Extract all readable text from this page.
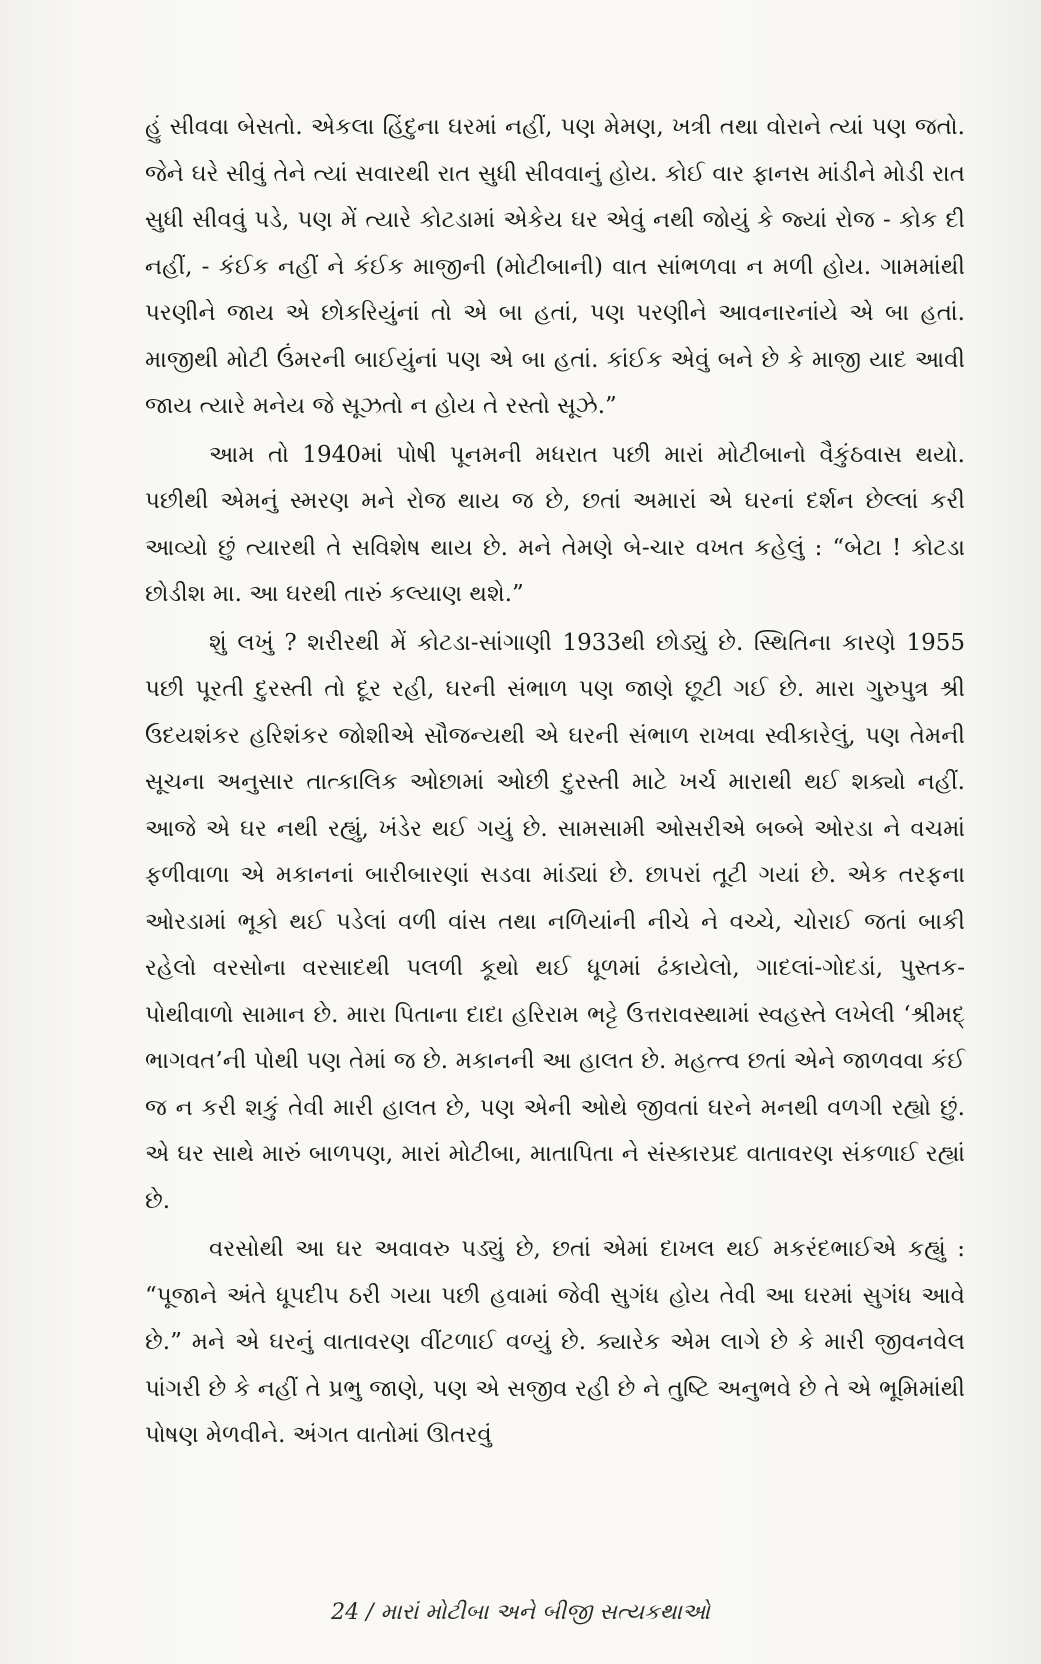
હું સીવવા બેસતો. એકલા હિંદુના ઘરમાં નહીં, પણ મેમણ, ખત્રી તથા વોરાને ત્યાં પણ જતો. જેને ઘરે સીવું તેને ત્યાં સવારથી રાત સુધી સીવવાનું હોય. કોઈ વાર ફાનસ માંડીને મોડી રાત સુધી સીવવું પડે, પણ મેં ત્યારે કોટડામાં એકેય ઘર એવું નથી જોયું કે જ્યાં રોજ - કોક દી નહીં, - કંઈક નહીં ને કંઈક માજીની (મોટીબાની) વાત સાંભળવા ન મળી હોય. ગામમાંથી પરણીને જાય એ છોકરિયુંનાં તો એ બા હતાં, પણ પરણીને આવનારનાંયે એ બા હતાં. માજીથી મોટી ઉંમરની બાઈયુંનાં પણ એ બા હતાં. કાંઈક એવું બને છે કે માજી યાદ આવી જાય ત્યારે મનેય જે સૂઝતો ન હોય તે રસ્તો સૂઝે.”

આમ તો 1940માં પોષી પૂનમની મધરાત પછી મારાં મોટીબાનો વૈકુંઠવાસ થયો. પછીથી એમનું સ્મરણ મને રોજ થાય જ છે, છતાં અમારાં એ ઘરનાં દર્શન છેલ્લાં કરી આવ્યો છું ત્યારથી તે સવિશેષ થાય છે. મને તેમણે બે-ચાર વખત કહેલું : “બેટા ! કોટડા છોડીશ મા. આ ઘરથી તારું કલ્યાણ થશે.”

શું લખું ? શરીરથી મેં કોટડા-સાંગાણી 1933થી છોડ્યું છે. સ્થિતિના કારણે 1955 પછી પૂરતી દુરસ્તી તો દૂર રહી, ઘરની સંભાળ પણ જાણે છૂટી ગઈ છે. મારા ગુરુપુત્ર શ્રી ઉદયશંકર હરિશંકર જોશીએ સૌજન્યથી એ ઘરની સંભાળ રાખવા સ્વીકારેલું, પણ તેમની સૂચના અનુસાર તાત્કાલિક ઓછામાં ઓછી દુરસ્તી માટે ખર્ચ મારાથી થઈ શક્યો નહીં. આજે એ ઘર નથી રહ્યું, ખંડેર થઈ ગયું છે. સામસામી ઓસરીએ બબ્બે ઓરડા ને વચમાં ફળીવાળા એ મકાનનાં બારીબારણાં સડવા માંડ્યાં છે. છાપરાં તૂટી ગયાં છે. એક તરફના ઓરડામાં ભૂકો થઈ પડેલાં વળી વાંસ તથા નળિયાંની નીચે ને વચ્ચે, ચોરાઈ જતાં બાકી રહેલો વરસોના વરસાદથી પલળી કૂથો થઈ ધૂળમાં ઢંકાયેલો, ગાદલાં-ગોદડાં, પુસ્તક-પોથીવાળો સામાન છે. મારા પિતાના દાદા હરિરામ ભટ્ટે ઉત્તરાવસ્થામાં સ્વહસ્તે લખેલી ‘શ્રીમદ્ ભાગવત’ની પોથી પણ તેમાં જ છે. મકાનની આ હાલત છે. મહત્ત્વ છતાં એને જાળવવા કંઈ જ ન કરી શકું તેવી મારી હાલત છે, પણ એની ઓથે જીવતાં ઘરને મનથી વળગી રહ્યો છું. એ ઘર સાથે મારું બાળપણ, મારાં મોટીબા, માતાપિતા ને સંસ્કારપ્રદ વાતાવરણ સંકળાઈ રહ્યાં છે.

વરસોથી આ ઘર અવાવરુ પડ્યું છે, છતાં એમાં દાખલ થઈ મકરંદભાઈએ કહ્યું : “પૂજાને અંતે ધૂપદીપ ઠરી ગયા પછી હવામાં જેવી સુગંધ હોય તેવી આ ઘરમાં સુગંધ આવે છે.” મને એ ઘરનું વાતાવરણ વીંટળાઈ વળ્યું છે. ક્યારેક એમ લાગે છે કે મારી જીવનવેલ પાંગરી છે કે નહીં તે પ્રભુ જાણે, પણ એ સજીવ રહી છે ને તુષ્ટિ અનુભવે છે તે એ ભૂમિમાંથી પોષણ મેળવીને. અંગત વાતોમાં ઊતરવું

24 / મારાં મોટીબા અને બીજી સત્યકથાઓ
